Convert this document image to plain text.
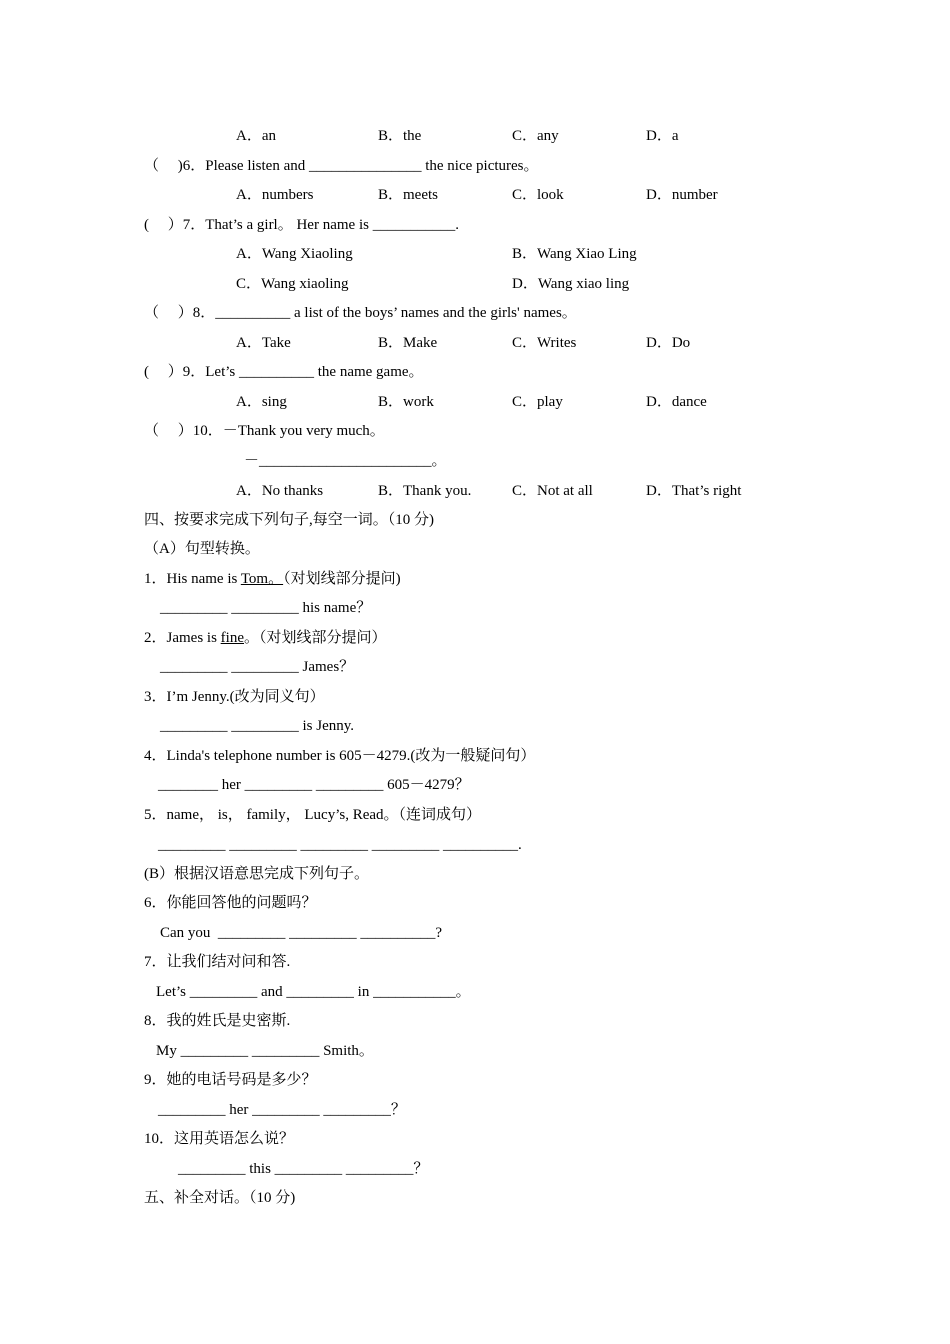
A．an	B．the	C．any	D．a
（     )6．Please listen and _______________ the nice pictures。
A．numbers	B．meets	C．look	D．number
(     ）7．That’s a girl。 Her name is ___________.
A．Wang Xiaoling	B．Wang Xiao Ling
C．Wang xiaoling	D．Wang xiao ling
（     ）8．__________ a list of the boys’ names and the girls' names。
A．Take	B．Make	C．Writes	D．Do
(     ）9．Let’s __________ the name game。
A．sing	B．work	C．play	D．dance
（     ）10．－Thank you very much。
－_______________________。
A．No thanks	B．Thank you.	C．Not at all	D．That’s right
四、按要求完成下列句子,每空一词。（10 分)
（A）句型转换。
1．His name is Tom。（对划线部分提问)
_________ _________ his name？
2．James is fine。（对划线部分提问）
_________ _________ James？
3．I’m Jenny.(改为同义句）
_________ _________ is Jenny.
4．Linda's telephone number is 605－4279.(改为一般疑问句）
________ her _________ _________ 605－4279？
5．name， is， family， Lucy’s, Read。（连词成句）
_________ _________ _________ _________ __________.
(B）根据汉语意思完成下列句子。
6．你能回答他的问题吗？
Can you  _________ _________ __________?
7．让我们结对问和答.
Let’s _________ and _________ in ___________。
8．我的姓氏是史密斯.
My _________ _________ Smith。
9．她的电话号码是多少？
_________ her _________ _________？
10．这用英语怎么说？
_________ this _________ _________？
五、补全对话。（10 分)
